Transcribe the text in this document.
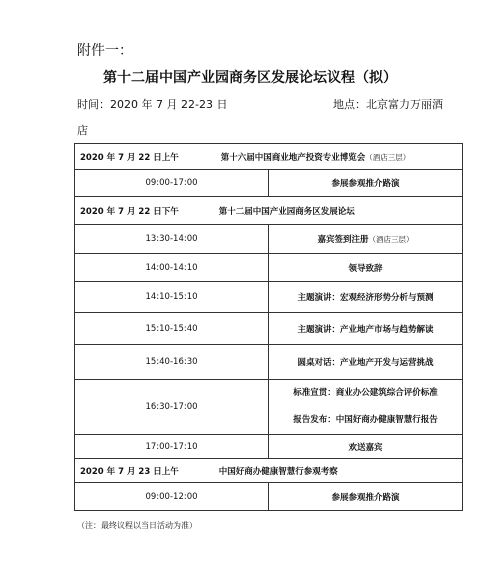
附件一：
第十二届中国产业园商务区发展论坛议程（拟）
时间：2020 年 7 月 22-23 日	地点：北京富力万丽酒
店
2020 年 7 月 22 日上午 第十六届中国商业地产投资专业博览会（酒店三层）	
09:00-17:00	参展参观推介路演
2020 年 7 月 22 日下午 第十二届中国产业园商务区发展论坛	
13:30-14:00	嘉宾签到注册（酒店三层）
14:00-14:10	领导致辞
14:10-15:10	主题演讲：宏观经济形势分析与预测
15:10-15:40	主题演讲：产业地产市场与趋势解读
15:40-16:30	圆桌对话：产业地产开发与运营挑战
16:30-17:00	标准宣贯：商业办公建筑综合评价标准
报告发布：中国好商办健康智慧行报告

17:00-17:10	欢送嘉宾
2020 年 7 月 23 日上午 中国好商办健康智慧行参观考察	
09:00-12:00	参展参观推介路演
（注：最终议程以当日活动为准）
